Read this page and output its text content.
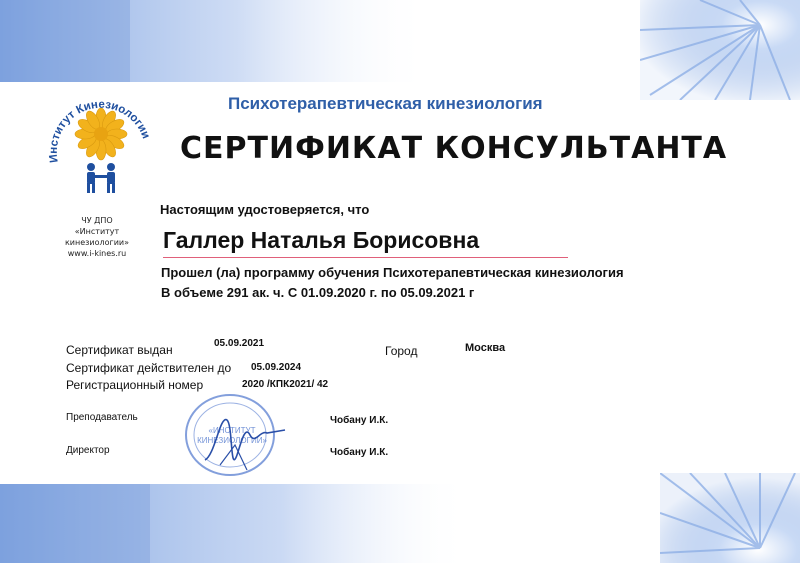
Институт Кинезиологии
ЧУ ДПО
«Институт
кинезиологии»
www.i-kines.ru
Психотерапевтическая кинезиология
СЕРТИФИКАТ КОНСУЛЬТАНТА
Настоящим удостоверяется, что
Галлер Наталья Борисовна
Прошел (ла) программу обучения Психотерапевтическая кинезиология
В объеме 291 ак. ч. С 01.09.2020 г. по 05.09.2021 г
Сертификат выдан	05.09.2021
Город	Москва
Сертификат действителен до 05.09.2024
Регистрационный номер	2020 /КПК2021/ 42
Преподаватель	Чобану И.К.
Директор	Чобану И.К.
«ИНСТИТУТ
КИНЕЗИОЛОГИИ»
